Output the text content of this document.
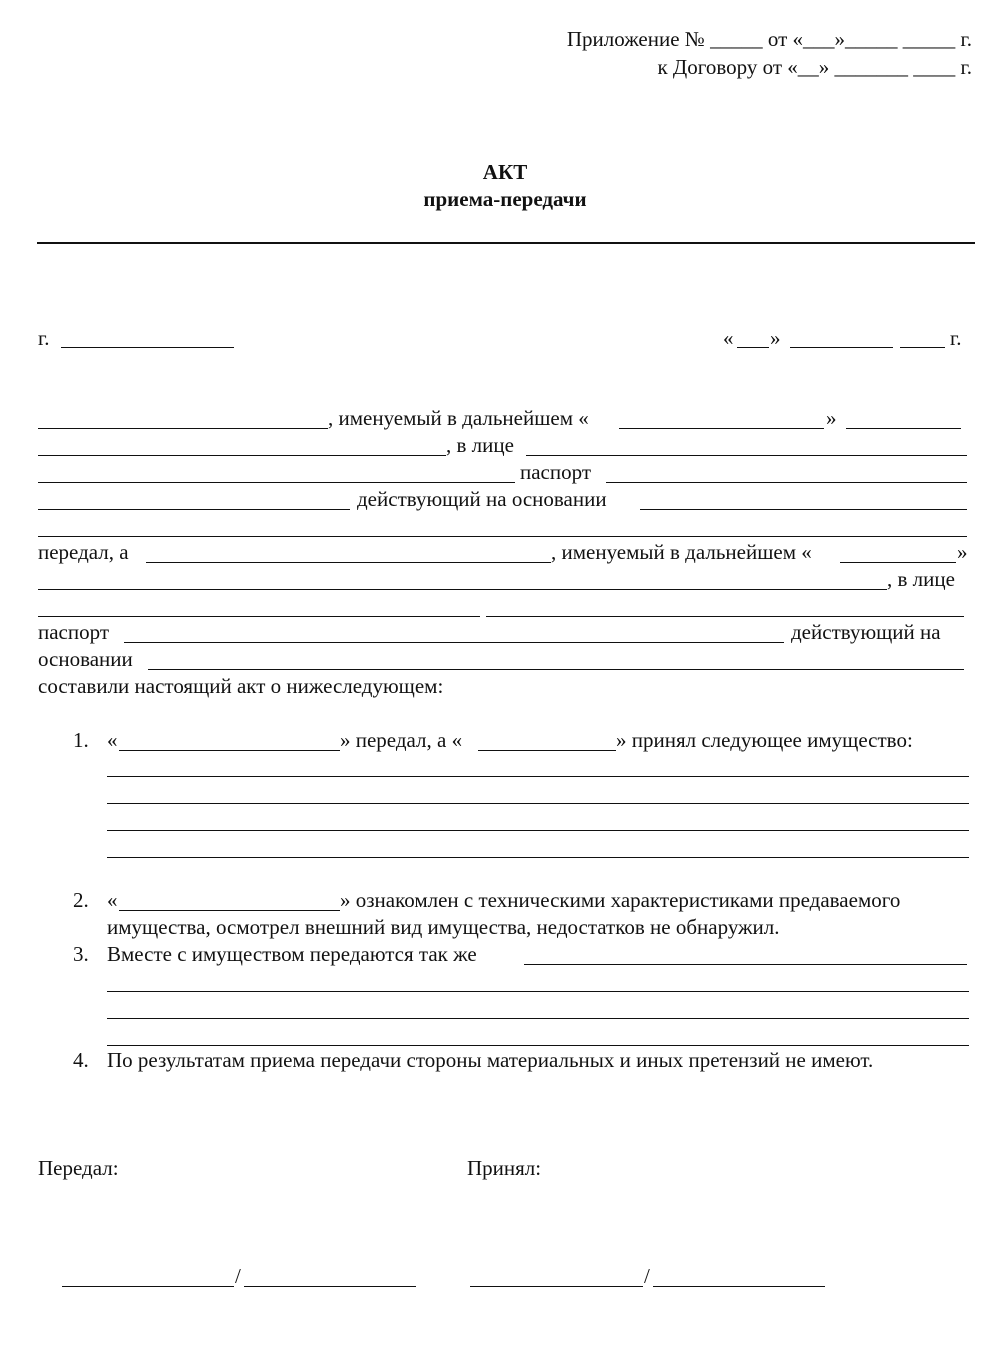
Приложение № _____ от «___»_____ _____ г.
к Договору от «__» _______ ____ г.
АКТ
приема-передачи
г.	« »	г.
, именуемый в дальнейшем «	»
, в лице
паспорт
действующий на основании
передал, а	, именуемый в дальнейшем «	»
, в лице
паспорт	действующий на
основании
составили настоящий акт о нижеследующем:
1. «	» передал, а «	» принял следующее имущество:
2. «	» ознакомлен с техническими характеристиками предаваемого
имущества, осмотрел внешний вид имущества, недостатков не обнаружил.
3. Вместе с имуществом передаются так же
4. По результатам приема передачи стороны материальных и иных претензий не имеют.
Передал:	Принял:
/	/
